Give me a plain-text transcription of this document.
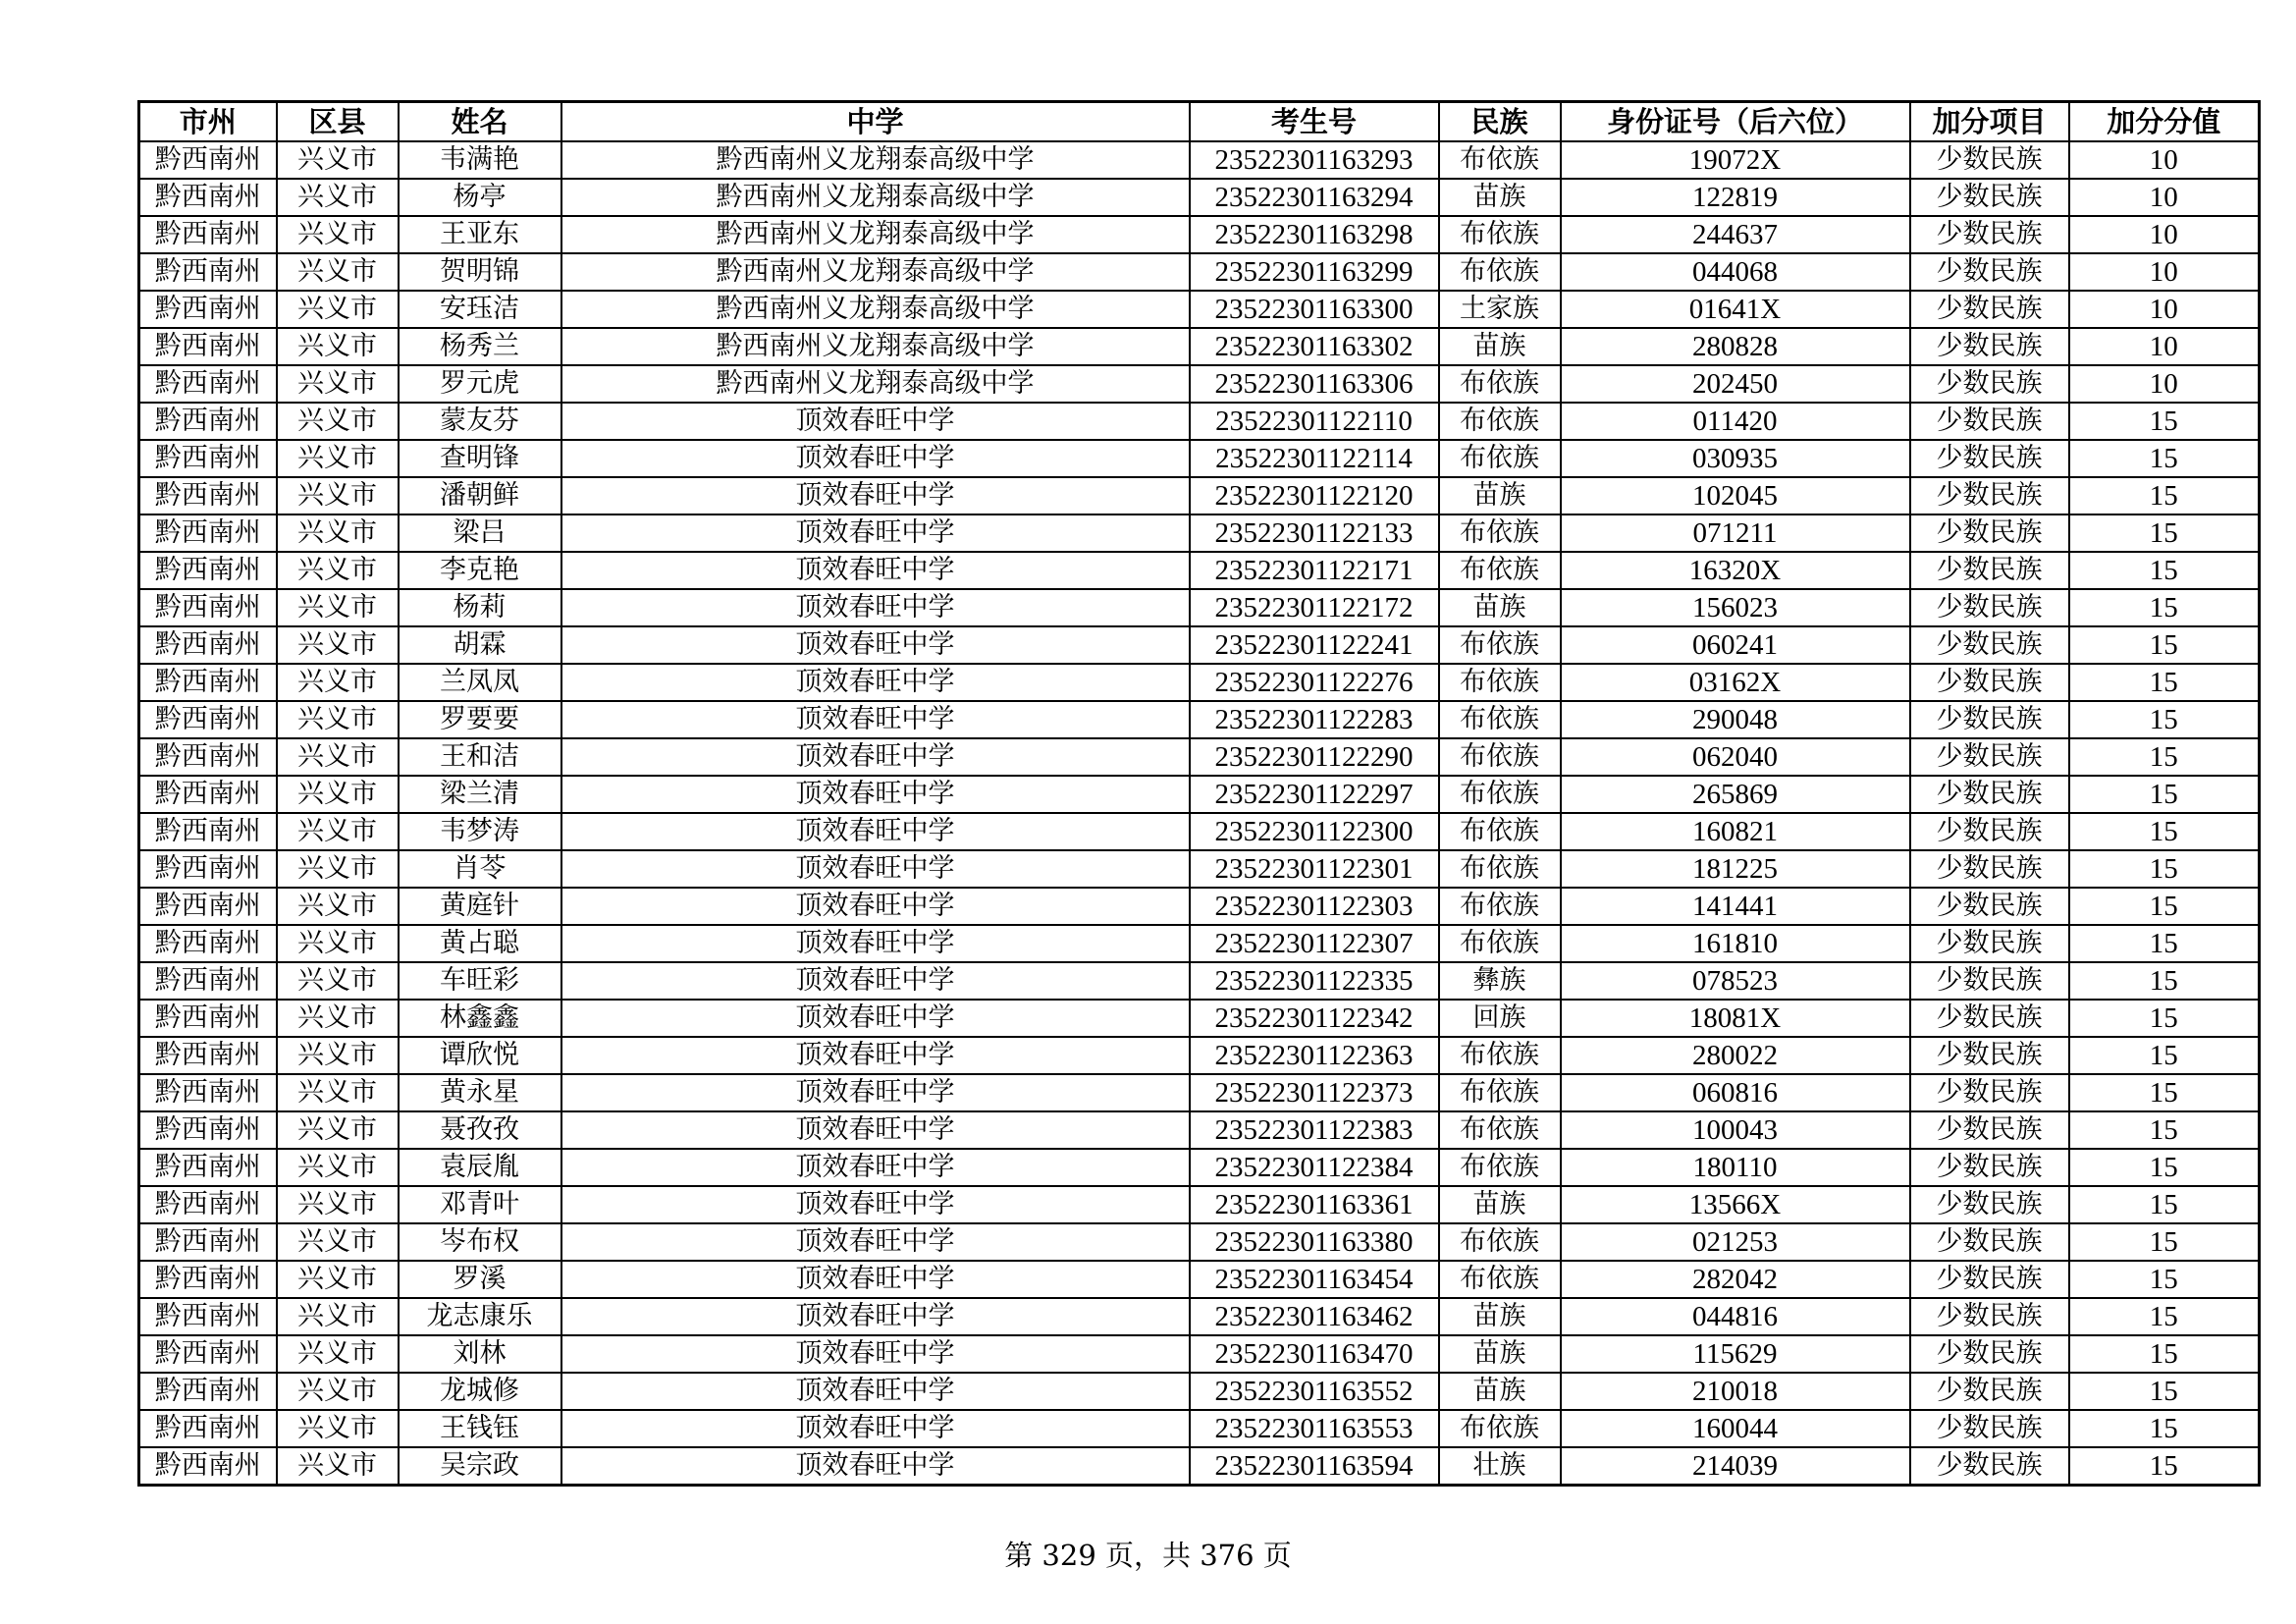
市州	区县	姓名	中学	考生号	民族	身份证号（后六位）	加分项目	加分分值
黔西南州	兴义市	韦满艳	黔西南州义龙翔泰高级中学	23522301163293	布依族	19072X	少数民族	10
黔西南州	兴义市	杨亭	黔西南州义龙翔泰高级中学	23522301163294	苗族	122819	少数民族	10
黔西南州	兴义市	王亚东	黔西南州义龙翔泰高级中学	23522301163298	布依族	244637	少数民族	10
黔西南州	兴义市	贺明锦	黔西南州义龙翔泰高级中学	23522301163299	布依族	044068	少数民族	10
黔西南州	兴义市	安珏洁	黔西南州义龙翔泰高级中学	23522301163300	土家族	01641X	少数民族	10
黔西南州	兴义市	杨秀兰	黔西南州义龙翔泰高级中学	23522301163302	苗族	280828	少数民族	10
黔西南州	兴义市	罗元虎	黔西南州义龙翔泰高级中学	23522301163306	布依族	202450	少数民族	10
黔西南州	兴义市	蒙友芬	顶效春旺中学	23522301122110	布依族	011420	少数民族	15
黔西南州	兴义市	查明锋	顶效春旺中学	23522301122114	布依族	030935	少数民族	15
黔西南州	兴义市	潘朝鲜	顶效春旺中学	23522301122120	苗族	102045	少数民族	15
黔西南州	兴义市	梁吕	顶效春旺中学	23522301122133	布依族	071211	少数民族	15
黔西南州	兴义市	李克艳	顶效春旺中学	23522301122171	布依族	16320X	少数民族	15
黔西南州	兴义市	杨莉	顶效春旺中学	23522301122172	苗族	156023	少数民族	15
黔西南州	兴义市	胡霖	顶效春旺中学	23522301122241	布依族	060241	少数民族	15
黔西南州	兴义市	兰凤凤	顶效春旺中学	23522301122276	布依族	03162X	少数民族	15
黔西南州	兴义市	罗要要	顶效春旺中学	23522301122283	布依族	290048	少数民族	15
黔西南州	兴义市	王和洁	顶效春旺中学	23522301122290	布依族	062040	少数民族	15
黔西南州	兴义市	梁兰清	顶效春旺中学	23522301122297	布依族	265869	少数民族	15
黔西南州	兴义市	韦梦涛	顶效春旺中学	23522301122300	布依族	160821	少数民族	15
黔西南州	兴义市	肖苓	顶效春旺中学	23522301122301	布依族	181225	少数民族	15
黔西南州	兴义市	黄庭针	顶效春旺中学	23522301122303	布依族	141441	少数民族	15
黔西南州	兴义市	黄占聪	顶效春旺中学	23522301122307	布依族	161810	少数民族	15
黔西南州	兴义市	车旺彩	顶效春旺中学	23522301122335	彝族	078523	少数民族	15
黔西南州	兴义市	林鑫鑫	顶效春旺中学	23522301122342	回族	18081X	少数民族	15
黔西南州	兴义市	谭欣悦	顶效春旺中学	23522301122363	布依族	280022	少数民族	15
黔西南州	兴义市	黄永星	顶效春旺中学	23522301122373	布依族	060816	少数民族	15
黔西南州	兴义市	聂孜孜	顶效春旺中学	23522301122383	布依族	100043	少数民族	15
黔西南州	兴义市	袁辰胤	顶效春旺中学	23522301122384	布依族	180110	少数民族	15
黔西南州	兴义市	邓青叶	顶效春旺中学	23522301163361	苗族	13566X	少数民族	15
黔西南州	兴义市	岑布权	顶效春旺中学	23522301163380	布依族	021253	少数民族	15
黔西南州	兴义市	罗溪	顶效春旺中学	23522301163454	布依族	282042	少数民族	15
黔西南州	兴义市	龙志康乐	顶效春旺中学	23522301163462	苗族	044816	少数民族	15
黔西南州	兴义市	刘林	顶效春旺中学	23522301163470	苗族	115629	少数民族	15
黔西南州	兴义市	龙城修	顶效春旺中学	23522301163552	苗族	210018	少数民族	15
黔西南州	兴义市	王钱钰	顶效春旺中学	23522301163553	布依族	160044	少数民族	15
黔西南州	兴义市	吴宗政	顶效春旺中学	23522301163594	壮族	214039	少数民族	15
第 329 页，共 376 页
